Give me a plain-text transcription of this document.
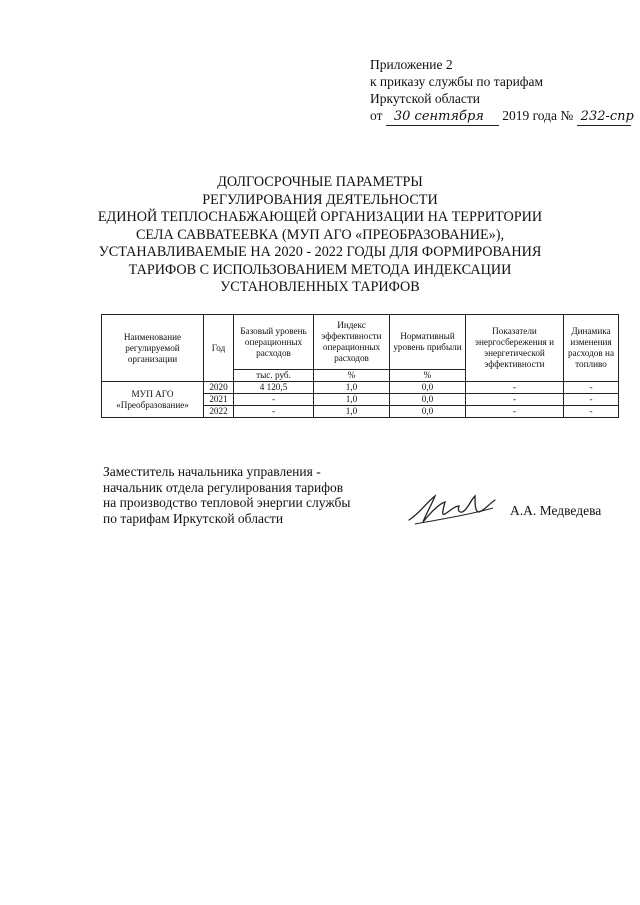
Приложение 2
к приказу службы по тарифам
Иркутской области
от 30 сентября 2019 года № 232-спр
ДОЛГОСРОЧНЫЕ ПАРАМЕТРЫ
РЕГУЛИРОВАНИЯ ДЕЯТЕЛЬНОСТИ
ЕДИНОЙ ТЕПЛОСНАБЖАЮЩЕЙ ОРГАНИЗАЦИИ НА ТЕРРИТОРИИ
СЕЛА САВВАТЕЕВКА (МУП АГО «ПРЕОБРАЗОВАНИЕ»),
УСТАНАВЛИВАЕМЫЕ НА 2020 - 2022 ГОДЫ ДЛЯ ФОРМИРОВАНИЯ
ТАРИФОВ С ИСПОЛЬЗОВАНИЕМ МЕТОДА ИНДЕКСАЦИИ
УСТАНОВЛЕННЫХ ТАРИФОВ
Наименование регулируемой организации	Год	Базовый уровень операционных расходов	Индекс эффективности операционных расходов	Нормативный уровень прибыли	Показатели энергосбережения и энергетической эффективности	Динамика изменения расходов на топливо
		тыс. руб.	%	%		
МУП АГО «Преобразование»	2020	4 120,5	1,0	0,0	-	-
	2021	-	1,0	0,0	-	-
	2022	-	1,0	0,0	-	-
Заместитель начальника управления -
начальник отдела регулирования тарифов
на производство тепловой энергии службы
по тарифам Иркутской области	А.А. Медведева
